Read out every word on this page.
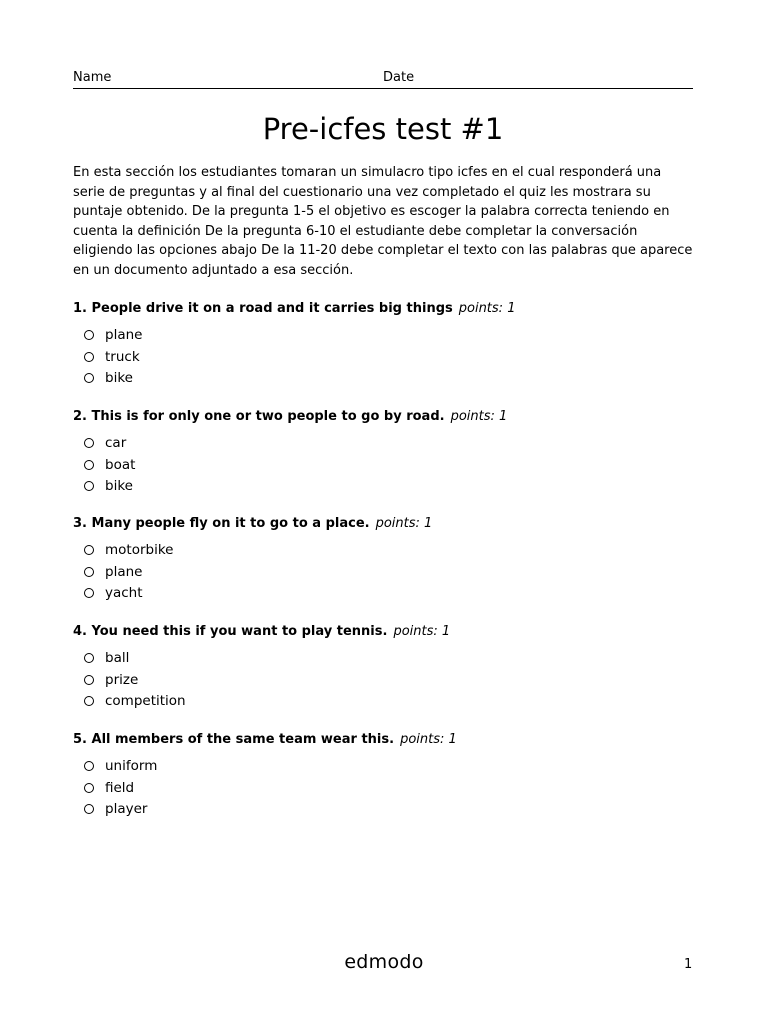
Name	Date
Pre-icfes test #1

En esta sección los estudiantes tomaran un simulacro tipo icfes en el cual responderá una serie de preguntas y al final del cuestionario una vez completado el quiz les mostrara su puntaje obtenido. De la pregunta 1-5 el objetivo es escoger la palabra correcta teniendo en cuenta la definición De la pregunta 6-10 el estudiante debe completar la conversación eligiendo las opciones abajo De la 11-20 debe completar el texto con las palabras que aparece en un documento adjuntado a esa sección.

1. People drive it on a road and it carries big things points: 1

plane
truck
bike

2. This is for only one or two people to go by road. points: 1

car
boat
bike

3. Many people fly on it to go to a place. points: 1

motorbike
plane
yacht

4. You need this if you want to play tennis. points: 1

ball
prize
competition

5. All members of the same team wear this. points: 1

uniform
field
player
edmodo	1
